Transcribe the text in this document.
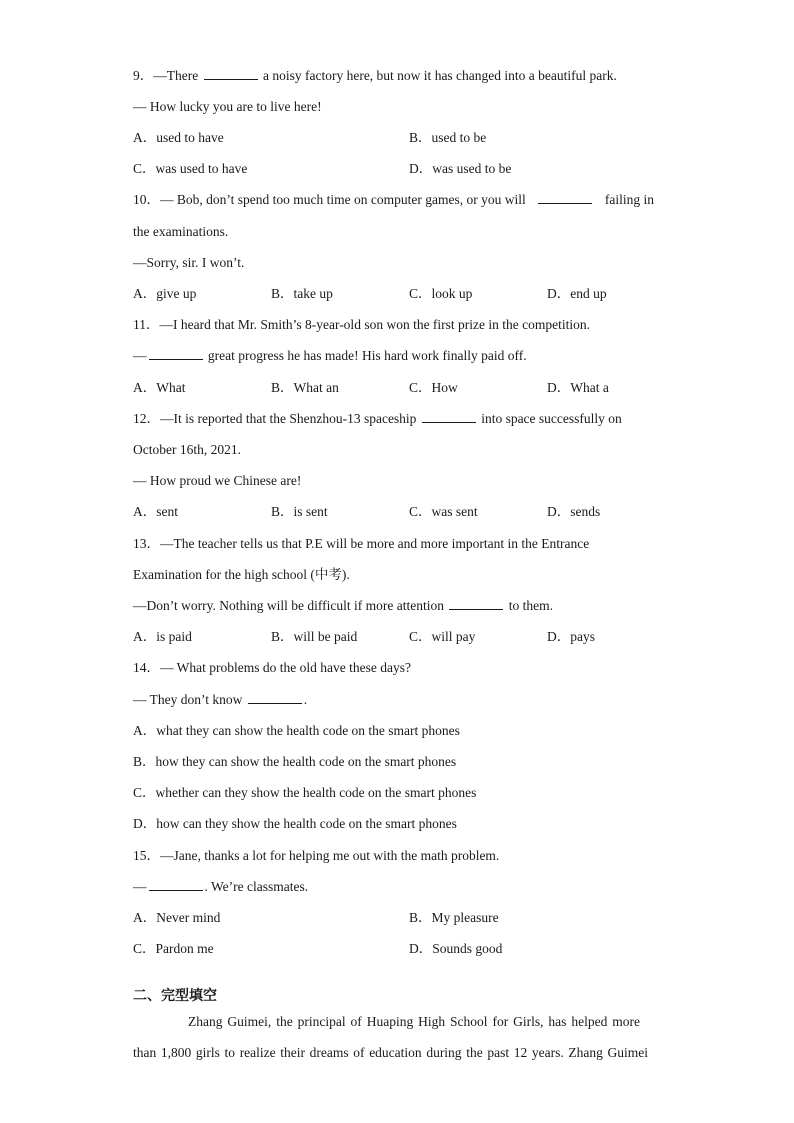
9．—There	a noisy factory here, but now it has changed into a beautiful park.
— How lucky you are to live here!
A．used to have	B．used to be
C．was used to have	D．was used to be
10．— Bob, don’t spend too much time on computer games, or you will	failing in
the examinations.
—Sorry, sir. I won’t.
A．give up	B．take up	C．look up	D．end up
11．—I heard that Mr. Smith’s 8-year-old son won the first prize in the competition.
—	great progress he has made! His hard work finally paid off.
A．What	B．What an	C．How	D．What a
12．—It is reported that the Shenzhou-13 spaceship	into space successfully on
October 16th, 2021.
— How proud we Chinese are!
A．sent	B．is sent	C．was sent	D．sends
13．—The teacher tells us that P.E will be more and more important in the Entrance
Examination for the high school (中考).
—Don’t worry. Nothing will be difficult if more attention	to them.
A．is paid	B．will be paid	C．will pay	D．pays
14．— What problems do the old have these days?
— They don’t know	.
A．what they can show the health code on the smart phones
B．how they can show the health code on the smart phones
C．whether can they show the health code on the smart phones
D．how can they show the health code on the smart phones
15．—Jane, thanks a lot for helping me out with the math problem.
—	. We’re classmates.
A．Never mind	B．My pleasure
C．Pardon me	D．Sounds good
二、完型填空
Zhang Guimei, the principal of Huaping High School for Girls, has helped more
than 1,800 girls to realize their dreams of education during the past 12 years. Zhang Guimei
